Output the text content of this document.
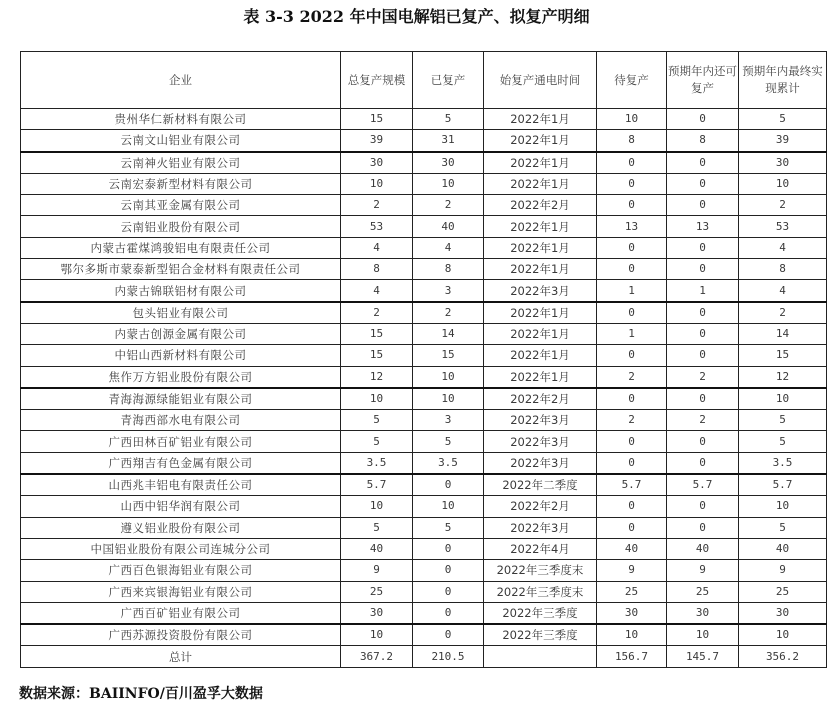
表 3-3 2022 年中国电解铝已复产、拟复产明细
企业	总复产规模	已复产	始复产通电时间	待复产	预期年内还可复产	预期年内最终实现累计
贵州华仁新材料有限公司	15	5	2022年1月	10	0	5
云南文山铝业有限公司	39	31	2022年1月	8	8	39
云南神火铝业有限公司	30	30	2022年1月	0	0	30
云南宏泰新型材料有限公司	10	10	2022年1月	0	0	10
云南其亚金属有限公司	2	2	2022年2月	0	0	2
云南铝业股份有限公司	53	40	2022年1月	13	13	53
内蒙古霍煤鸿骏铝电有限责任公司	4	4	2022年1月	0	0	4
鄂尔多斯市蒙泰新型铝合金材料有限责任公司	8	8	2022年1月	0	0	8
内蒙古锦联铝材有限公司	4	3	2022年3月	1	1	4
包头铝业有限公司	2	2	2022年1月	0	0	2
内蒙古创源金属有限公司	15	14	2022年1月	1	0	14
中铝山西新材料有限公司	15	15	2022年1月	0	0	15
焦作万方铝业股份有限公司	12	10	2022年1月	2	2	12
青海海源绿能铝业有限公司	10	10	2022年2月	0	0	10
青海西部水电有限公司	5	3	2022年3月	2	2	5
广西田林百矿铝业有限公司	5	5	2022年3月	0	0	5
广西翔吉有色金属有限公司	3.5	3.5	2022年3月	0	0	3.5
山西兆丰铝电有限责任公司	5.7	0	2022年二季度	5.7	5.7	5.7
山西中铝华润有限公司	10	10	2022年2月	0	0	10
遵义铝业股份有限公司	5	5	2022年3月	0	0	5
中国铝业股份有限公司连城分公司	40	0	2022年4月	40	40	40
广西百色银海铝业有限公司	9	0	2022年三季度末	9	9	9
广西来宾银海铝业有限公司	25	0	2022年三季度末	25	25	25
广西百矿铝业有限公司	30	0	2022年三季度	30	30	30
广西苏源投资股份有限公司	10	0	2022年三季度	10	10	10
总计	367.2	210.5		156.7	145.7	356.2
数据来源：BAIINFO/百川盈孚大数据
